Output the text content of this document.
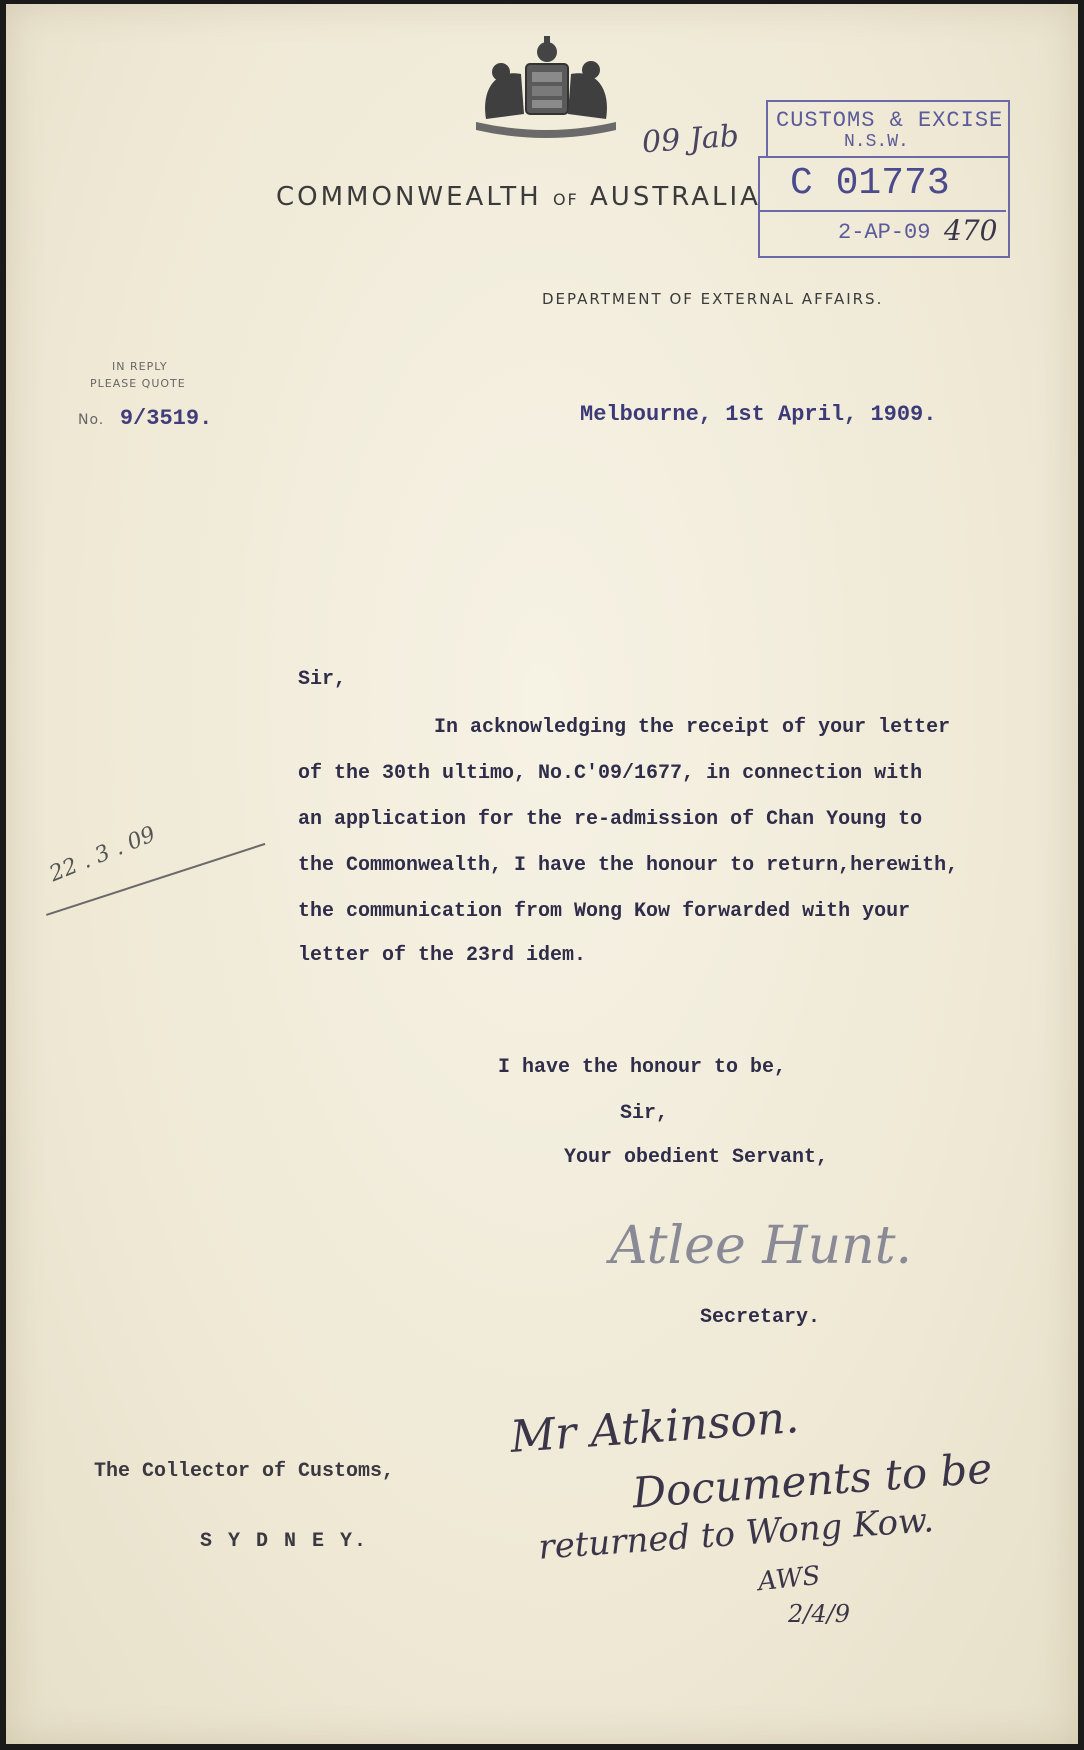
COMMONWEALTH OF AUSTRALIA
09 Jab CUSTOMS & EXCISE
N.S.W.
C 01773
2-AP-09 470
DEPARTMENT OF EXTERNAL AFFAIRS.
IN REPLY
PLEASE QUOTE
No. 9/3519.	Melbourne, 1st April, 1909.
Sir,
In acknowledging the receipt of your letter
of the 30th ultimo, No.C'09/1677, in connection with
an application for the re-admission of Chan Young to
the Commonwealth, I have the honour to return,herewith,
the communication from Wong Kow forwarded with your
letter of the 23rd idem.
22 . 3 . 09
I have the honour to be,
Sir,
Your obedient Servant,
Atlee Hunt.
Secretary.
The Collector of Customs,
S Y D N E Y.
Mr Atkinson.
Documents to be
returned to Wong Kow.
AWS
2/4/9
